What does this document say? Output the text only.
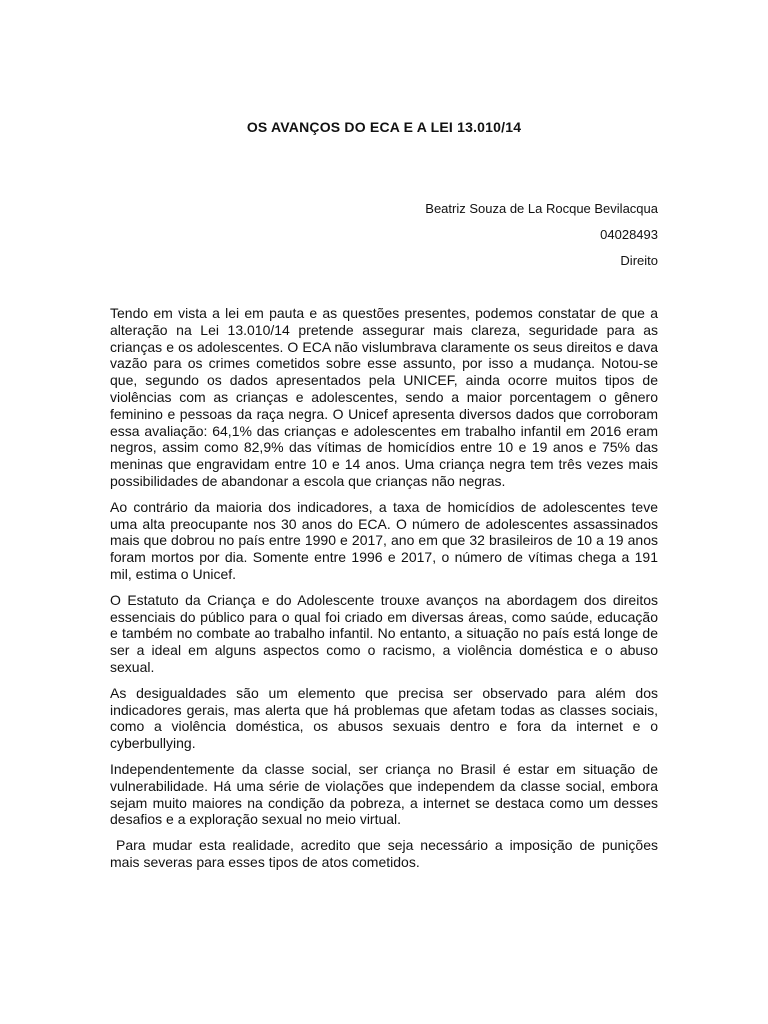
OS AVANÇOS DO ECA E A LEI 13.010/14
Beatriz Souza de La Rocque Bevilacqua
04028493
Direito

Tendo em vista a lei em pauta e as questões presentes, podemos constatar de que a alteração na Lei 13.010/14 pretende assegurar mais clareza, seguridade para as crianças e os adolescentes. O ECA não vislumbrava claramente os seus direitos e dava vazão para os crimes cometidos sobre esse assunto, por isso a mudança. Notou-se que, segundo os dados apresentados pela UNICEF, ainda ocorre muitos tipos de violências com as crianças e adolescentes, sendo a maior porcentagem o gênero feminino e pessoas da raça negra. O Unicef apresenta diversos dados que corroboram essa avaliação: 64,1% das crianças e adolescentes em trabalho infantil em 2016 eram negros, assim como 82,9% das vítimas de homicídios entre 10 e 19 anos e 75% das meninas que engravidam entre 10 e 14 anos. Uma criança negra tem três vezes mais possibilidades de abandonar a escola que crianças não negras.

Ao contrário da maioria dos indicadores, a taxa de homicídios de adolescentes teve uma alta preocupante nos 30 anos do ECA. O número de adolescentes assassinados mais que dobrou no país entre 1990 e 2017, ano em que 32 brasileiros de 10 a 19 anos foram mortos por dia. Somente entre 1996 e 2017, o número de vítimas chega a 191 mil, estima o Unicef.

O Estatuto da Criança e do Adolescente trouxe avanços na abordagem dos direitos essenciais do público para o qual foi criado em diversas áreas, como saúde, educação e também no combate ao trabalho infantil. No entanto, a situação no país está longe de ser a ideal em alguns aspectos como o racismo, a violência doméstica e o abuso sexual.

As desigualdades são um elemento que precisa ser observado para além dos indicadores gerais, mas alerta que há problemas que afetam todas as classes sociais, como a violência doméstica, os abusos sexuais dentro e fora da internet e o cyberbullying.

Independentemente da classe social, ser criança no Brasil é estar em situação de vulnerabilidade. Há uma série de violações que independem da classe social, embora sejam muito maiores na condição da pobreza, a internet se destaca como um desses desafios e a exploração sexual no meio virtual.

Para mudar esta realidade, acredito que seja necessário a imposição de punições mais severas para esses tipos de atos cometidos.
